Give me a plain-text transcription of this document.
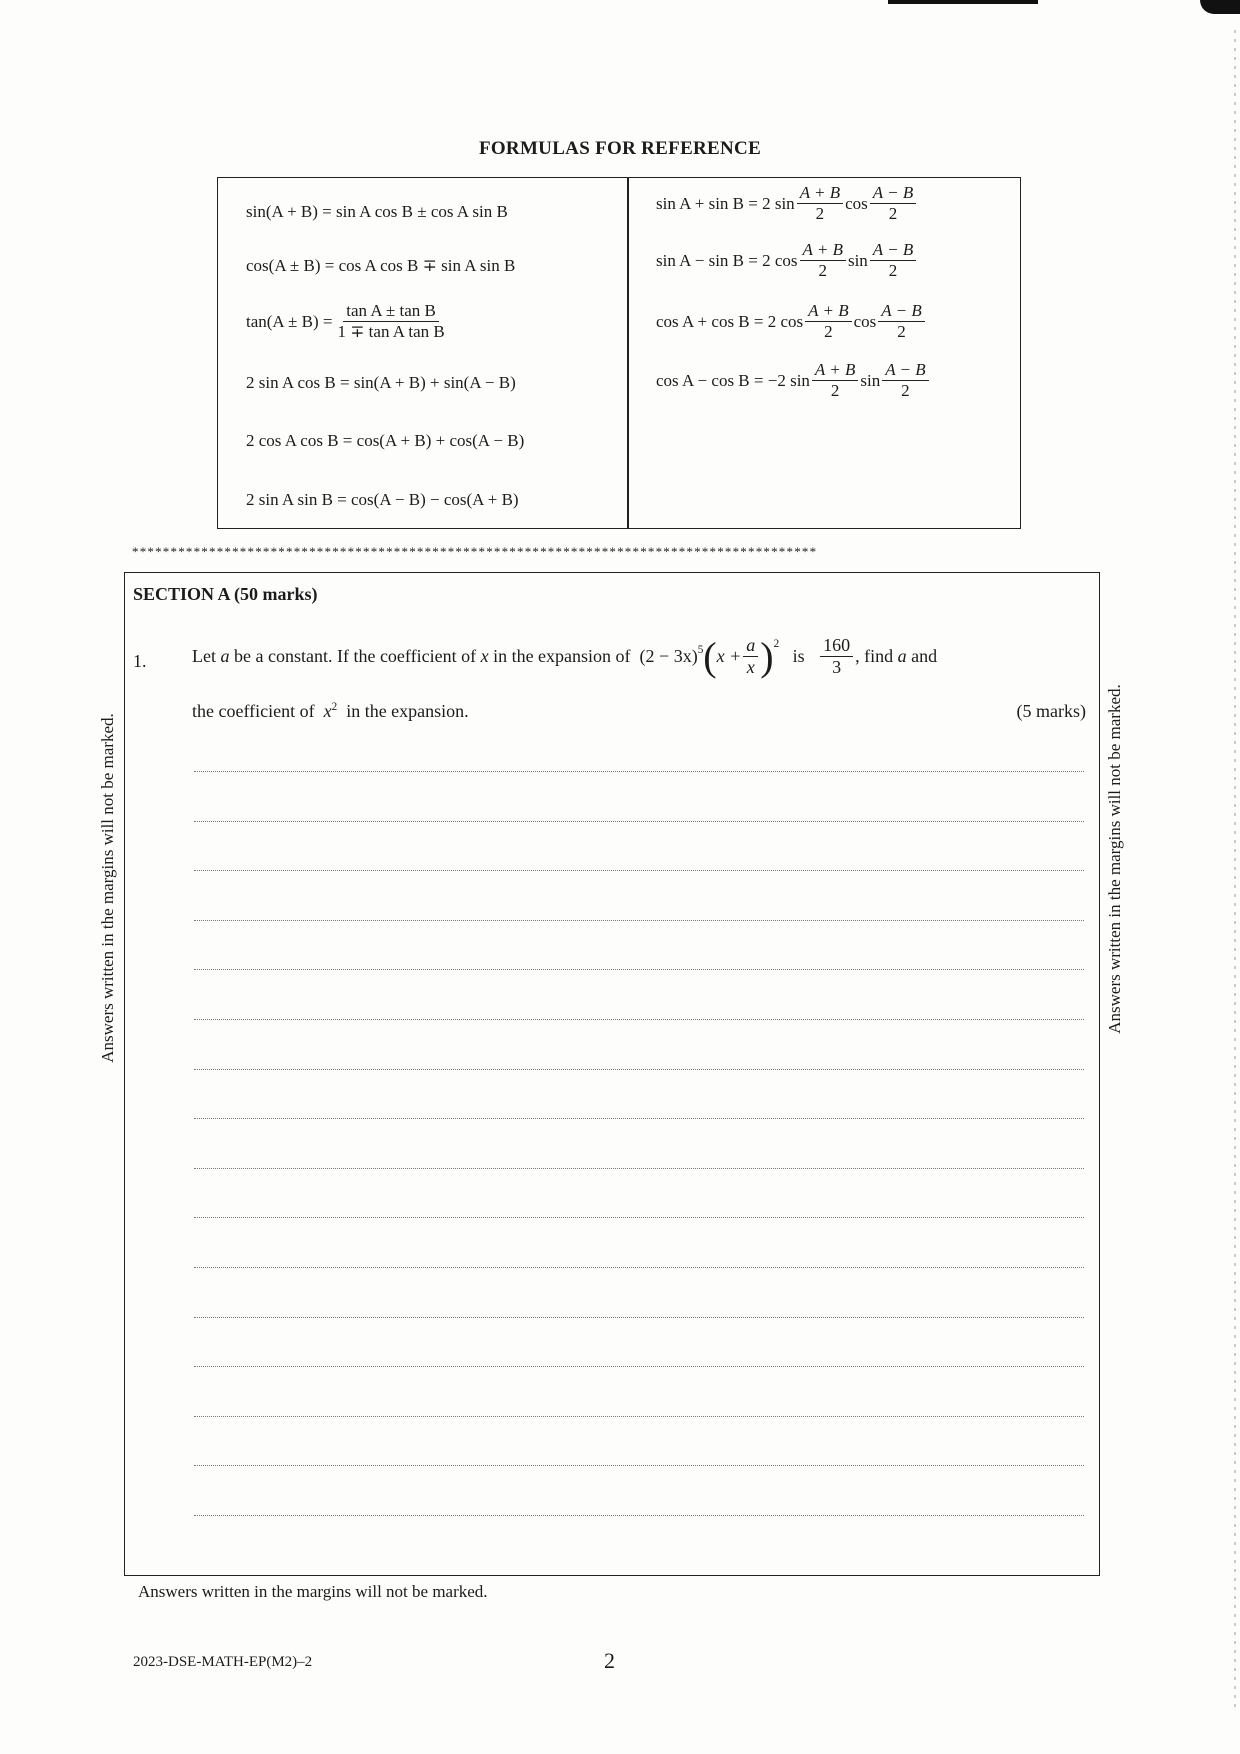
FORMULAS FOR REFERENCE
sin(A + B) = sin A cos B ± cos A sin B
cos(A ± B) = cos A cos B ∓ sin A sin B
$\tan(A \pm B) = \frac{\text{tan A ± tan B}}{\text{1 ∓ tan A tan B}}$
2 sin A cos B = sin(A + B) + sin(A − B)
2 cos A cos B = cos(A + B) + cos(A − B)
2 sin A sin B = cos(A − B) − cos(A + B)
sin A + sin B = 2 $\sin \frac{A + B}{2}$ $\cos \frac{A - B}{2}$
sin A − sin B = 2 $\cos \frac{A + B}{2}$ $\sin \frac{A - B}{2}$
cos A + cos B = 2 $\cos \frac{A + B}{2}$ $\cos \frac{A - B}{2}$
cos A − cos B = −2 $\sin \frac{A + B}{2}$ $\sin \frac{A - B}{2}$
*****************************************************************************************
SECTION A (50 marks)
1.	Let
a
be a constant. If the coefficient of
x
in the expansion of
$(2 - 3x)^5$ ( $x + \frac{a}{x} )^2$

is
$\frac{160}{3}$ , find
a
and
the coefficient of $x^2$ in the expansion.	(5 marks)
Answers written in the margins will not be marked.	Answers written in the margins will not be marked.
Answers written in the margins will not be marked.
2023-DSE-MATH-EP(M2)–2	2
